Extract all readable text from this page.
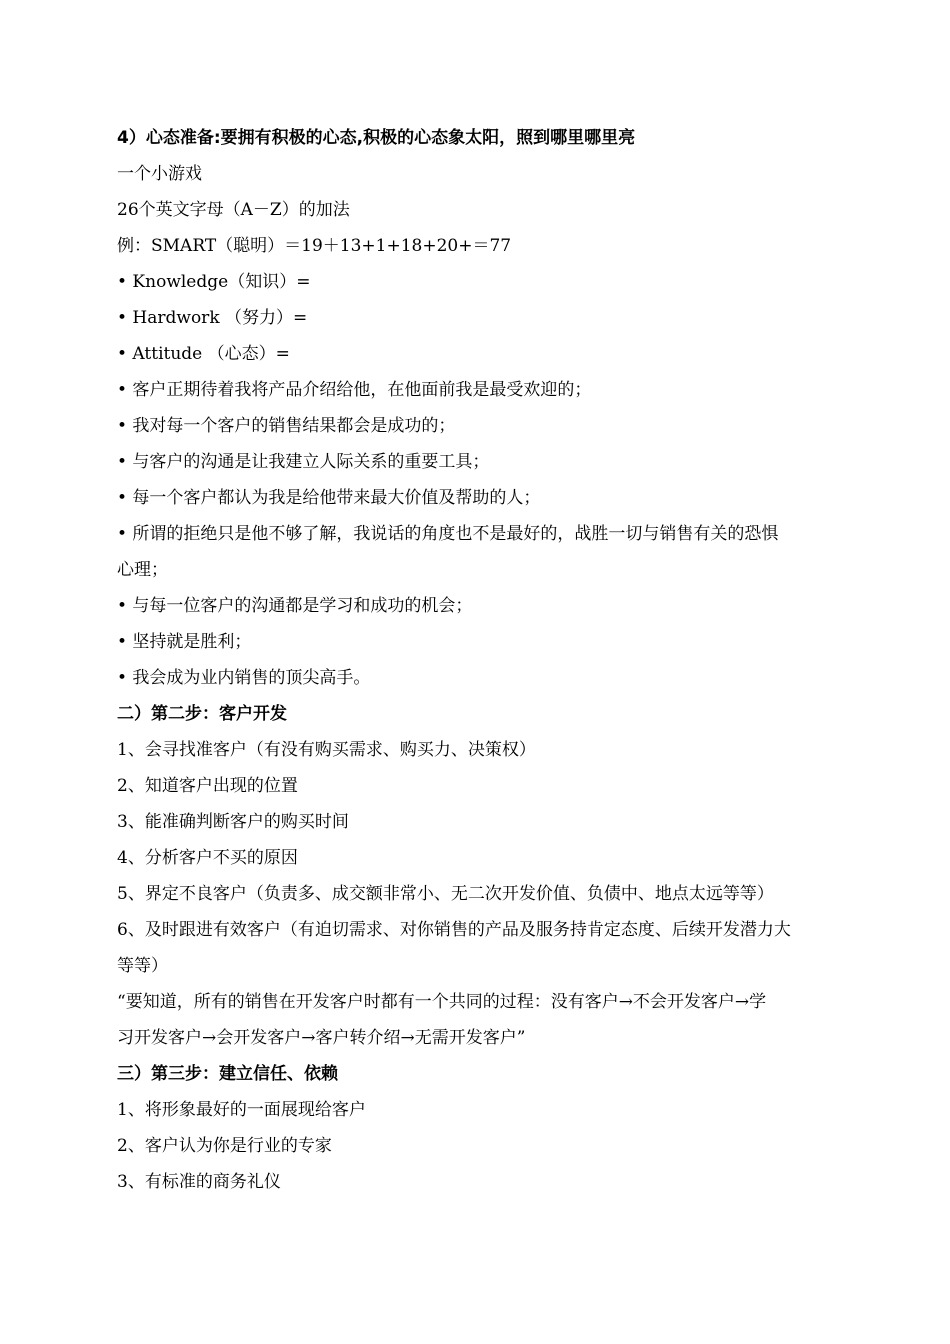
4）心态准备:要拥有积极的心态,积极的心态象太阳，照到哪里哪里亮
一个小游戏
26个英文字母（A－Z）的加法
例：SMART（聪明）＝19＋13+1+18+20+＝77
• Knowledge（知识）=
• Hardwork （努力）=
• Attitude （心态）=
• 客户正期待着我将产品介绍给他，在他面前我是最受欢迎的；
• 我对每一个客户的销售结果都会是成功的；
• 与客户的沟通是让我建立人际关系的重要工具；
• 每一个客户都认为我是给他带来最大价值及帮助的人；
• 所谓的拒绝只是他不够了解，我说话的角度也不是最好的，战胜一切与销售有关的恐惧
心理；
• 与每一位客户的沟通都是学习和成功的机会；
• 坚持就是胜利；
• 我会成为业内销售的顶尖高手。
二）第二步：客户开发
1、会寻找准客户（有没有购买需求、购买力、决策权）
2、知道客户出现的位置
3、能准确判断客户的购买时间
4、分析客户不买的原因
5、界定不良客户（负责多、成交额非常小、无二次开发价值、负债中、地点太远等等）
6、及时跟进有效客户（有迫切需求、对你销售的产品及服务持肯定态度、后续开发潜力大
等等）
“要知道，所有的销售在开发客户时都有一个共同的过程：没有客户→不会开发客户→学
习开发客户→会开发客户→客户转介绍→无需开发客户”
三）第三步：建立信任、依赖
1、将形象最好的一面展现给客户
2、客户认为你是行业的专家
3、有标准的商务礼仪
